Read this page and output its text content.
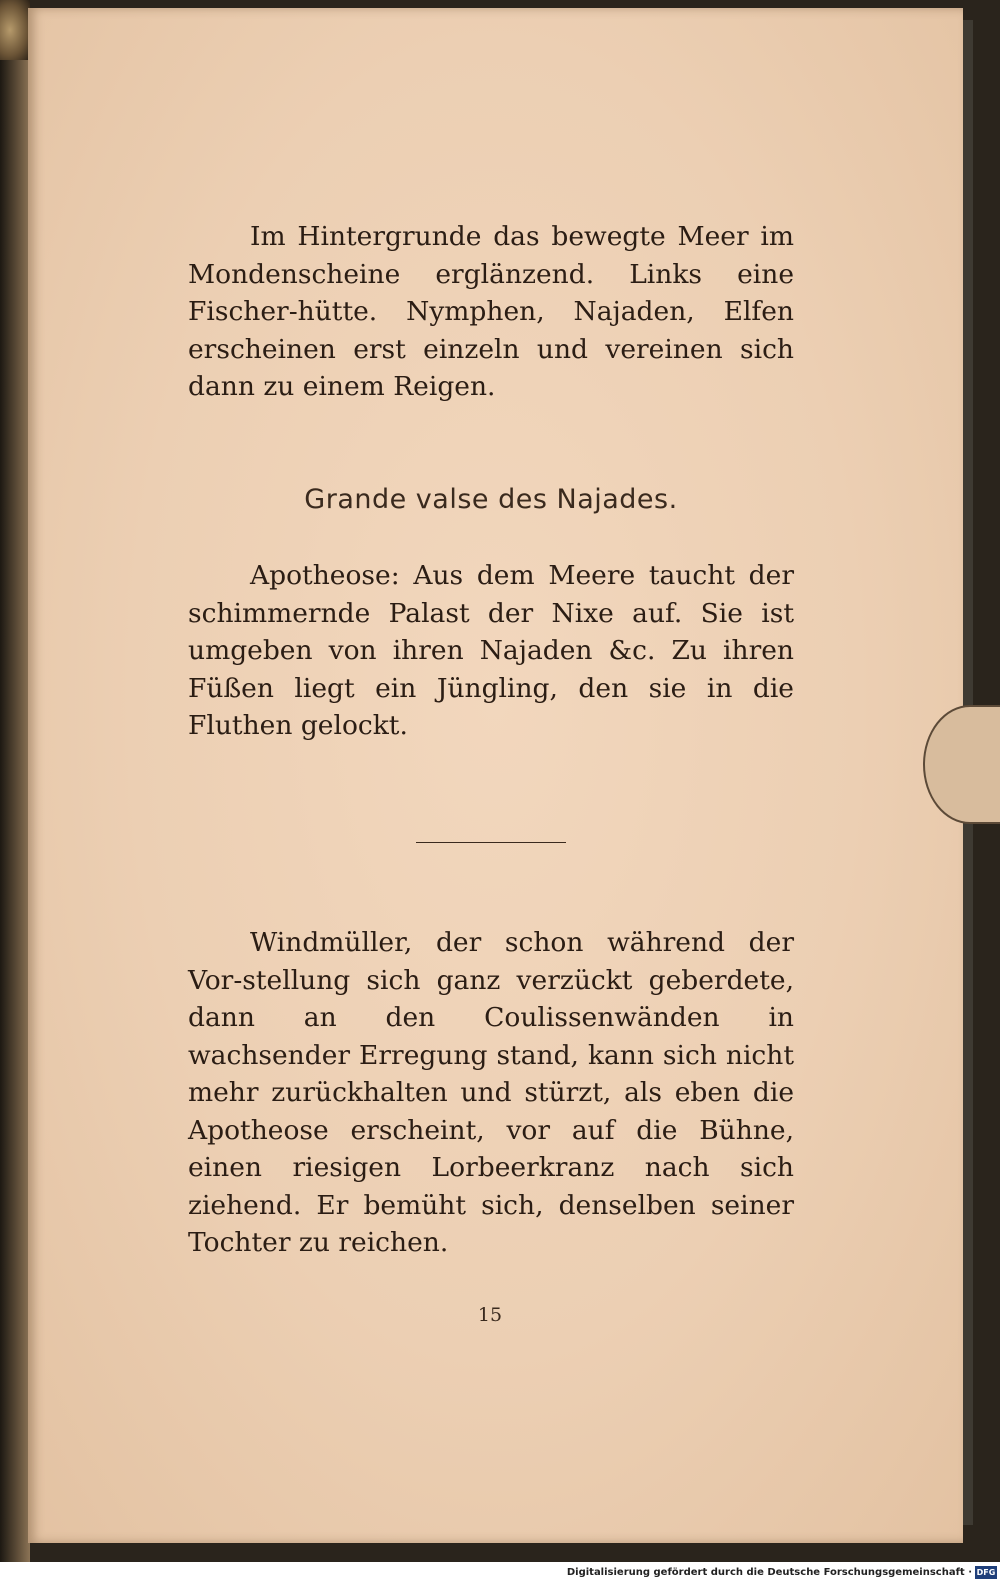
Im Hintergrunde das bewegte Meer im Mondenscheine erglänzend. Links eine Fischer-hütte. Nymphen, Najaden, Elfen erscheinen erst einzeln und vereinen sich dann zu einem Reigen.

Grande valse des Najades.

Apotheose: Aus dem Meere taucht der schimmernde Palast der Nixe auf. Sie ist umgeben von ihren Najaden &c. Zu ihren Füßen liegt ein Jüngling, den sie in die Fluthen gelockt.

Windmüller, der schon während der Vor-stellung sich ganz verzückt geberdete, dann an den Coulissenwänden in wachsender Erregung stand, kann sich nicht mehr zurückhalten und stürzt, als eben die Apotheose erscheint, vor auf die Bühne, einen riesigen Lorbeerkranz nach sich ziehend. Er bemüht sich, denselben seiner Tochter zu reichen.

15
Digitalisierung gefördert durch die Deutsche Forschungsgemeinschaft · DFG
